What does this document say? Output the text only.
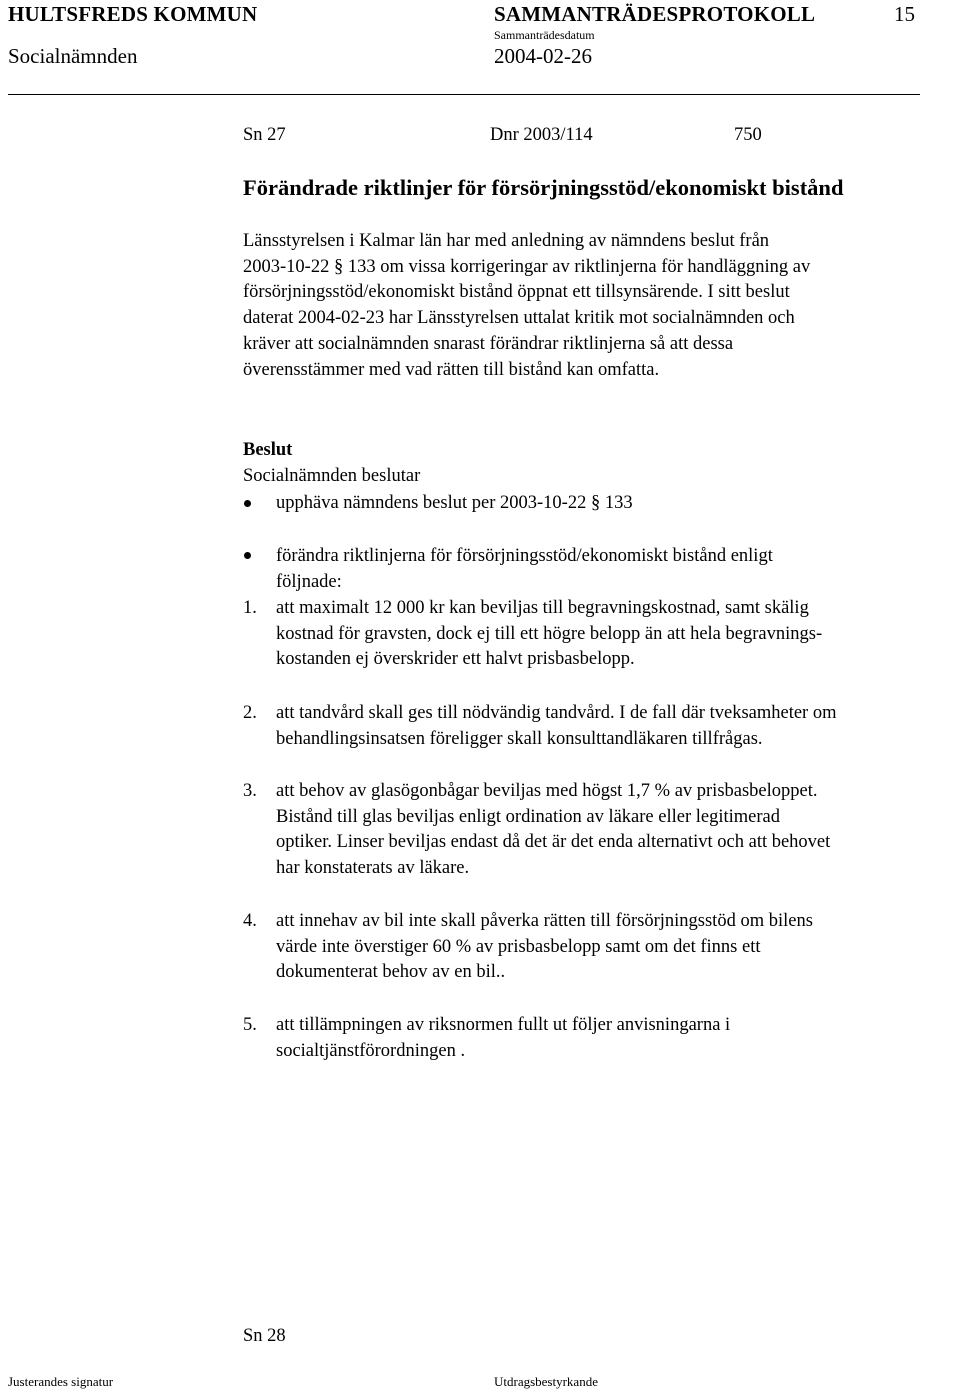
HULTSFREDS KOMMUN	SAMMANTRÄDESPROTOKOLL	15
Socialnämnden
Sammanträdesdatum
2004-02-26
Sn 27	Dnr 2003/114	750
Förändrade riktlinjer för försörjningsstöd/ekonomiskt bistånd
Länsstyrelsen i Kalmar län har med anledning av nämndens beslut från
2003-10-22 § 133 om vissa korrigeringar av riktlinjerna för handläggning av
försörjningsstöd/ekonomiskt bistånd öppnat ett tillsynsärende. I sitt beslut
daterat 2004-02-23 har Länsstyrelsen uttalat kritik mot socialnämnden och
kräver att socialnämnden snarast förändrar riktlinjerna så att dessa
överensstämmer med vad rätten till bistånd kan omfatta.
Beslut
Socialnämnden beslutar
upphäva nämndens beslut per 2003-10-22 § 133
förändra riktlinjerna för försörjningsstöd/ekonomiskt bistånd enligt
följnade:
1. att maximalt 12 000 kr kan beviljas till begravningskostnad, samt skälig
kostnad för gravsten, dock ej till ett högre belopp än att hela begravnings-
kostanden ej överskrider ett halvt prisbasbelopp.
2. att tandvård skall ges till nödvändig tandvård. I de fall där tveksamheter om
behandlingsinsatsen föreligger skall konsulttandläkaren tillfrågas.
3. att behov av glasögonbågar beviljas med högst 1,7 % av prisbasbeloppet.
Bistånd till glas beviljas enligt ordination av läkare eller legitimerad
optiker. Linser beviljas endast då det är det enda alternativt och att behovet
har konstaterats av läkare.
4. att innehav av bil inte skall påverka rätten till försörjningsstöd om bilens
värde inte överstiger 60 % av prisbasbelopp samt om det finns ett
dokumenterat behov av en bil..
5. att tillämpningen av riksnormen fullt ut följer anvisningarna i
socialtjänstförordningen .
Sn 28
Justerandes signatur	Utdragsbestyrkande
